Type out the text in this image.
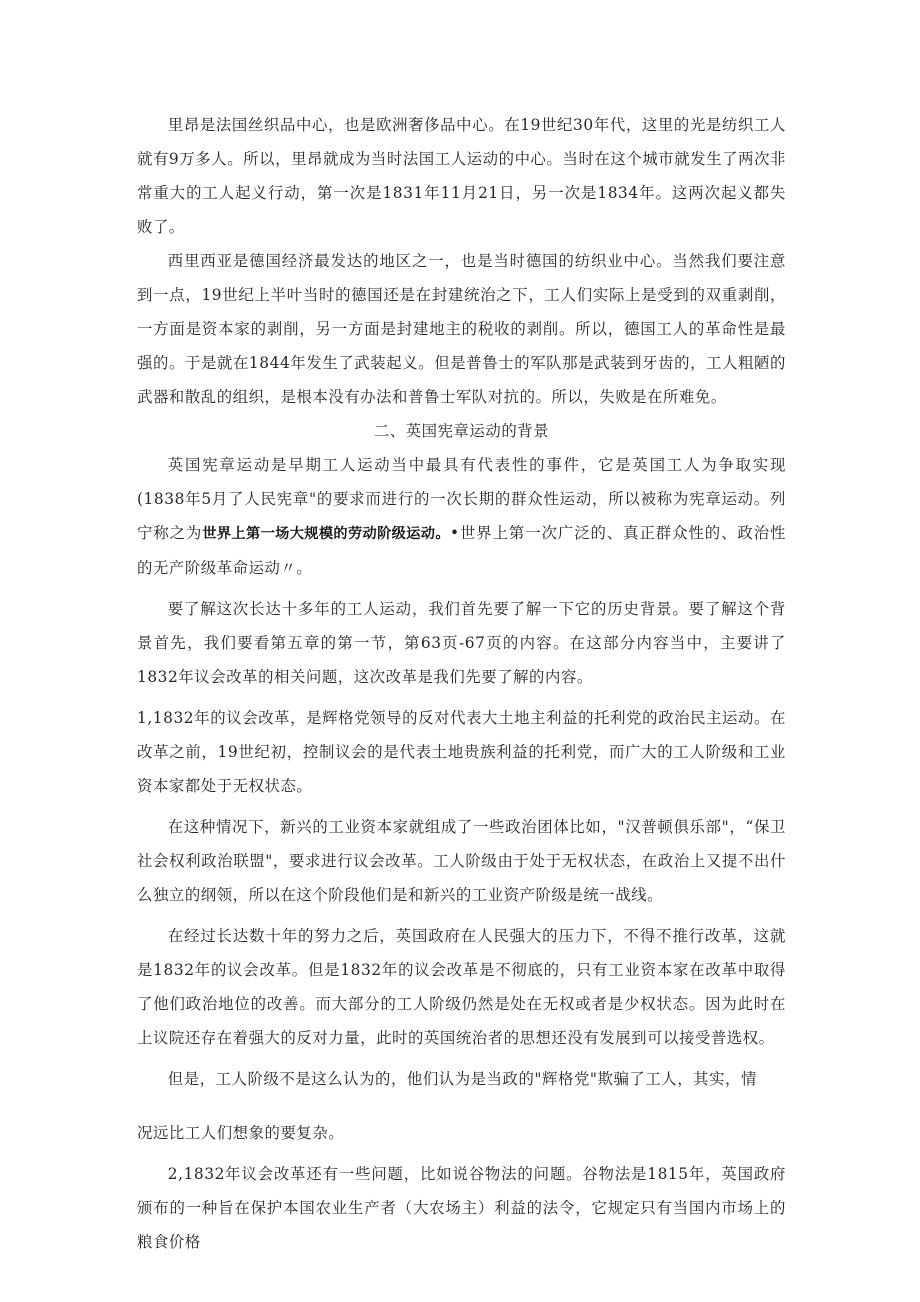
里昂是法国丝织品中心，也是欧洲奢侈品中心。在19世纪30年代，这里的光是纺织工人就有9万多人。所以，里昂就成为当时法国工人运动的中心。当时在这个城市就发生了两次非常重大的工人起义行动，第一次是1831年11月21日，另一次是1834年。这两次起义都失败了。

西里西亚是德国经济最发达的地区之一，也是当时德国的纺织业中心。当然我们要注意到一点，19世纪上半叶当时的德国还是在封建统治之下，工人们实际上是受到的双重剥削，一方面是资本家的剥削，另一方面是封建地主的税收的剥削。所以，德国工人的革命性是最强的。于是就在1844年发生了武装起义。但是普鲁士的军队那是武装到牙齿的，工人粗陋的武器和散乱的组织，是根本没有办法和普鲁士军队对抗的。所以，失败是在所难免。

二、英国宪章运动的背景

英国宪章运动是早期工人运动当中最具有代表性的事件，它是英国工人为争取实现(1838年5月了人民宪章"的要求而进行的一次长期的群众性运动，所以被称为宪章运动。列宁称之为世界上第一场大规模的劳动阶级运动。•世界上第一次广泛的、真正群众性的、政治性的无产阶级革命运动〃。

要了解这次长达十多年的工人运动，我们首先要了解一下它的历史背景。要了解这个背景首先，我们要看第五章的第一节，第63页-67页的内容。在这部分内容当中，主要讲了1832年议会改革的相关问题，这次改革是我们先要了解的内容。

1,1832年的议会改革，是辉格党领导的反对代表大土地主利益的托利党的政治民主运动。在改革之前，19世纪初，控制议会的是代表土地贵族利益的托利党，而广大的工人阶级和工业资本家都处于无权状态。

在这种情况下，新兴的工业资本家就组成了一些政治团体比如，"汉普顿俱乐部"，“保卫社会权利政治联盟"，要求进行议会改革。工人阶级由于处于无权状态，在政治上又提不出什么独立的纲领，所以在这个阶段他们是和新兴的工业资产阶级是统一战线。

在经过长达数十年的努力之后，英国政府在人民强大的压力下，不得不推行改革，这就是1832年的议会改革。但是1832年的议会改革是不彻底的，只有工业资本家在改革中取得了他们政治地位的改善。而大部分的工人阶级仍然是处在无权或者是少权状态。因为此时在上议院还存在着强大的反对力量，此时的英国统治者的思想还没有发展到可以接受普选权。

但是，工人阶级不是这么认为的，他们认为是当政的"辉格党"欺骗了工人，其实，情

况远比工人们想象的要复杂。

2,1832年议会改革还有一些问题，比如说谷物法的问题。谷物法是1815年，英国政府颁布的一种旨在保护本国农业生产者（大农场主）利益的法令，它规定只有当国内市场上的粮食价格
